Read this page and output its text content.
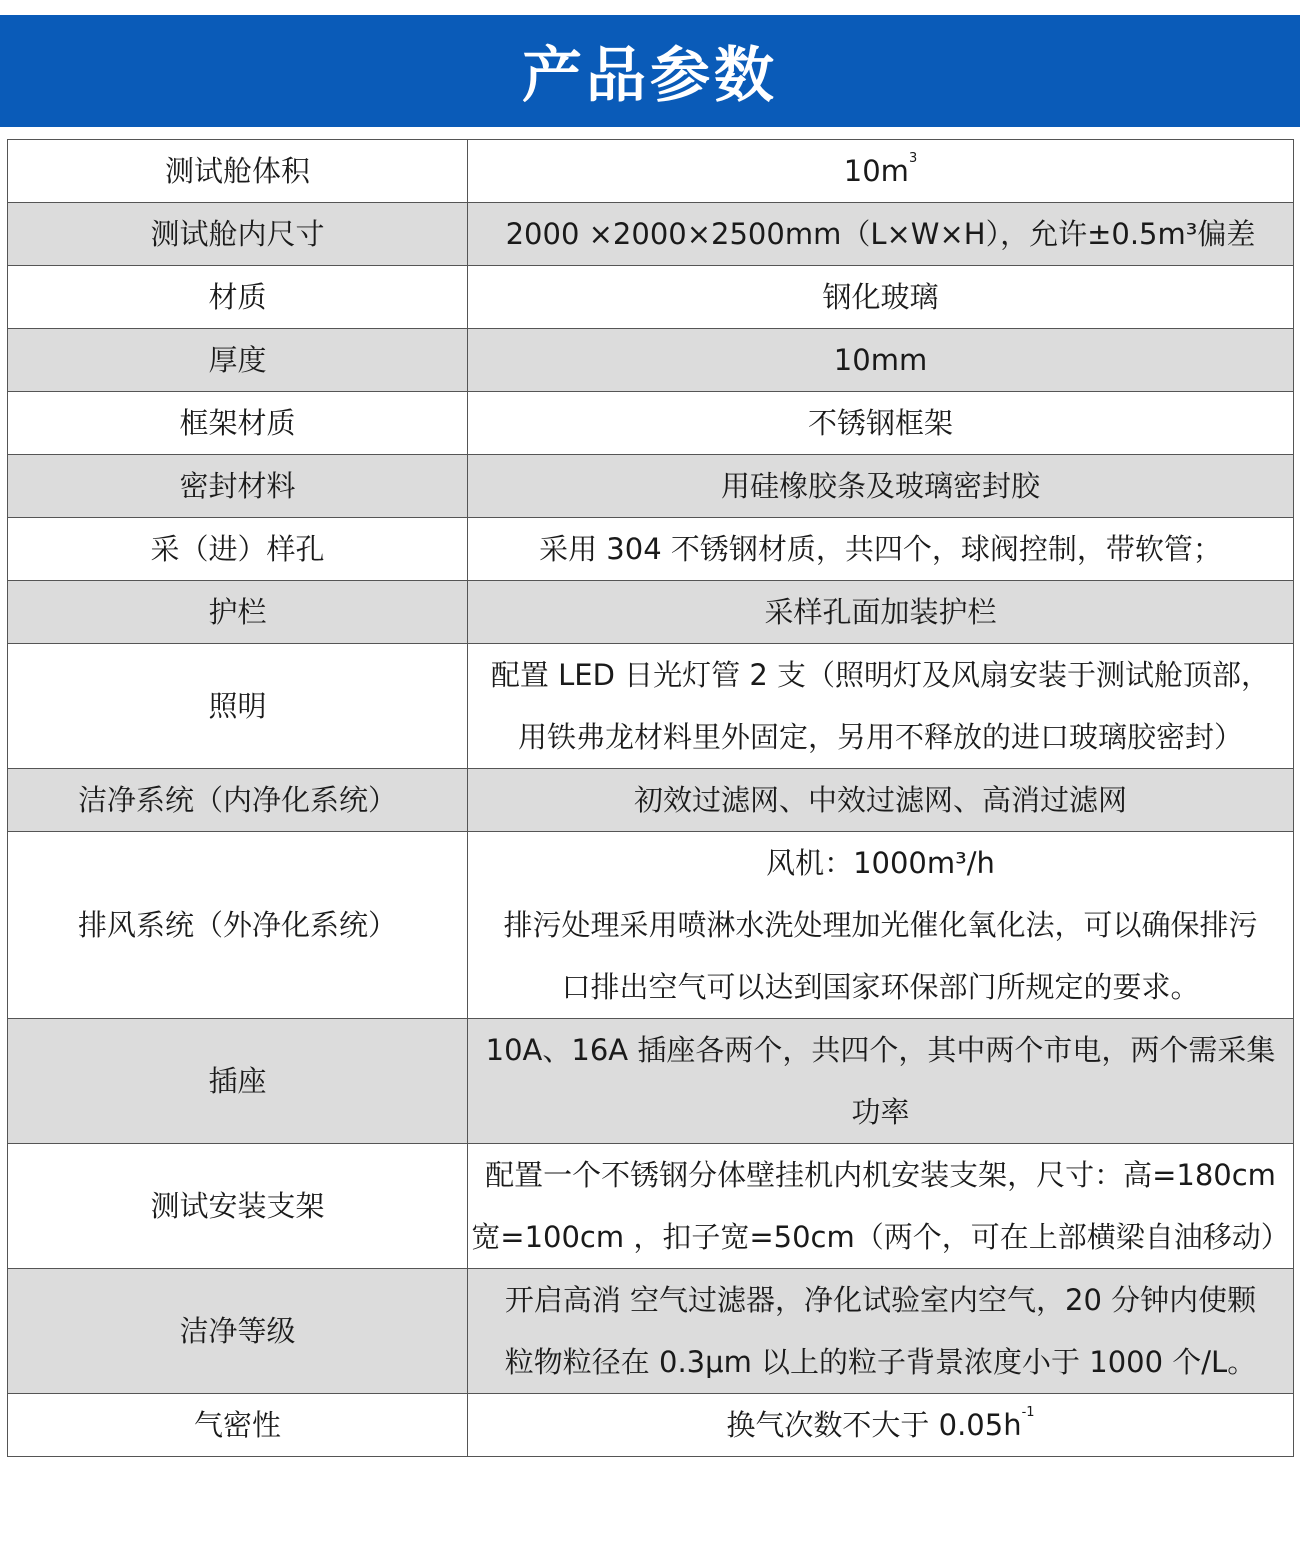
产品参数
测试舱体积	$10m^3$
测试舱内尺寸	2000 ×2000×2500mm（L×W×H），允许±0.5m³偏差
材质	钢化玻璃
厚度	10mm
框架材质	不锈钢框架
密封材料	用硅橡胶条及玻璃密封胶
采（进）样孔	采用 304 不锈钢材质，共四个，球阀控制，带软管；
护栏	采样孔面加装护栏
照明	配置 LED 日光灯管 2 支（照明灯及风扇安装于测试舱顶部，
用铁弗龙材料里外固定，另用不释放的进口玻璃胶密封）

洁净系统（内净化系统）	初效过滤网、中效过滤网、高消过滤网
排风系统（外净化系统）	风机：1000m³/h
排污处理采用喷淋水洗处理加光催化氧化法，可以确保排污
口排出空气可以达到国家环保部门所规定的要求。

插座	10A、16A 插座各两个，共四个，其中两个市电，两个需采集
功率

测试安装支架	配置一个不锈钢分体壁挂机内机安装支架，尺寸：高=180cm
宽=100cm ，扣子宽=50cm（两个，可在上部横梁自油移动）

洁净等级	开启高消 空气过滤器，净化试验室内空气，20 分钟内使颗
粒物粒径在 0.3μm 以上的粒子背景浓度小于 1000 个/L。

气密性	换气次数不大于 $0.05h^{-1}$
